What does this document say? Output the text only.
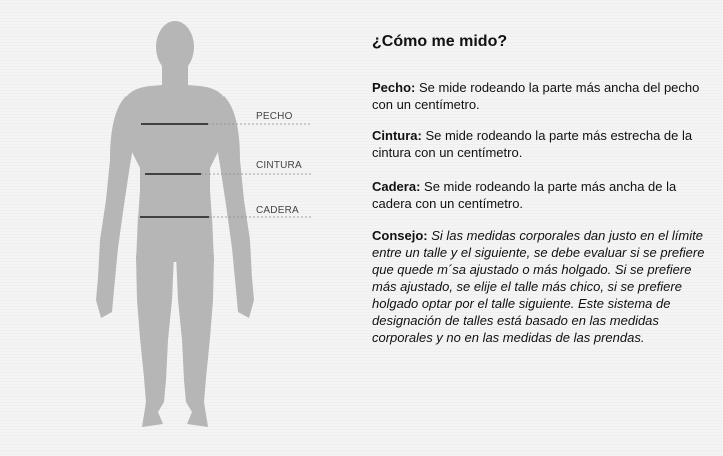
PECHO
CINTURA
CADERA
¿Cómo me mido?

Pecho: Se mide rodeando la parte más ancha del pecho con un centímetro.

Cintura: Se mide rodeando la parte más estrecha de la cintura con un centímetro.

Cadera: Se mide rodeando la parte más ancha de la cadera con un centímetro.

Consejo: Si las medidas corporales dan justo en el límite entre un talle y el siguiente, se debe evaluar si se prefiere que quede m´sa ajustado o más holgado. Si se prefiere más ajustado, se elije el talle más chico, si se prefiere holgado optar por el talle siguiente. Este sistema de designación de talles está basado en las medidas corporales y no en las medidas de las prendas.
